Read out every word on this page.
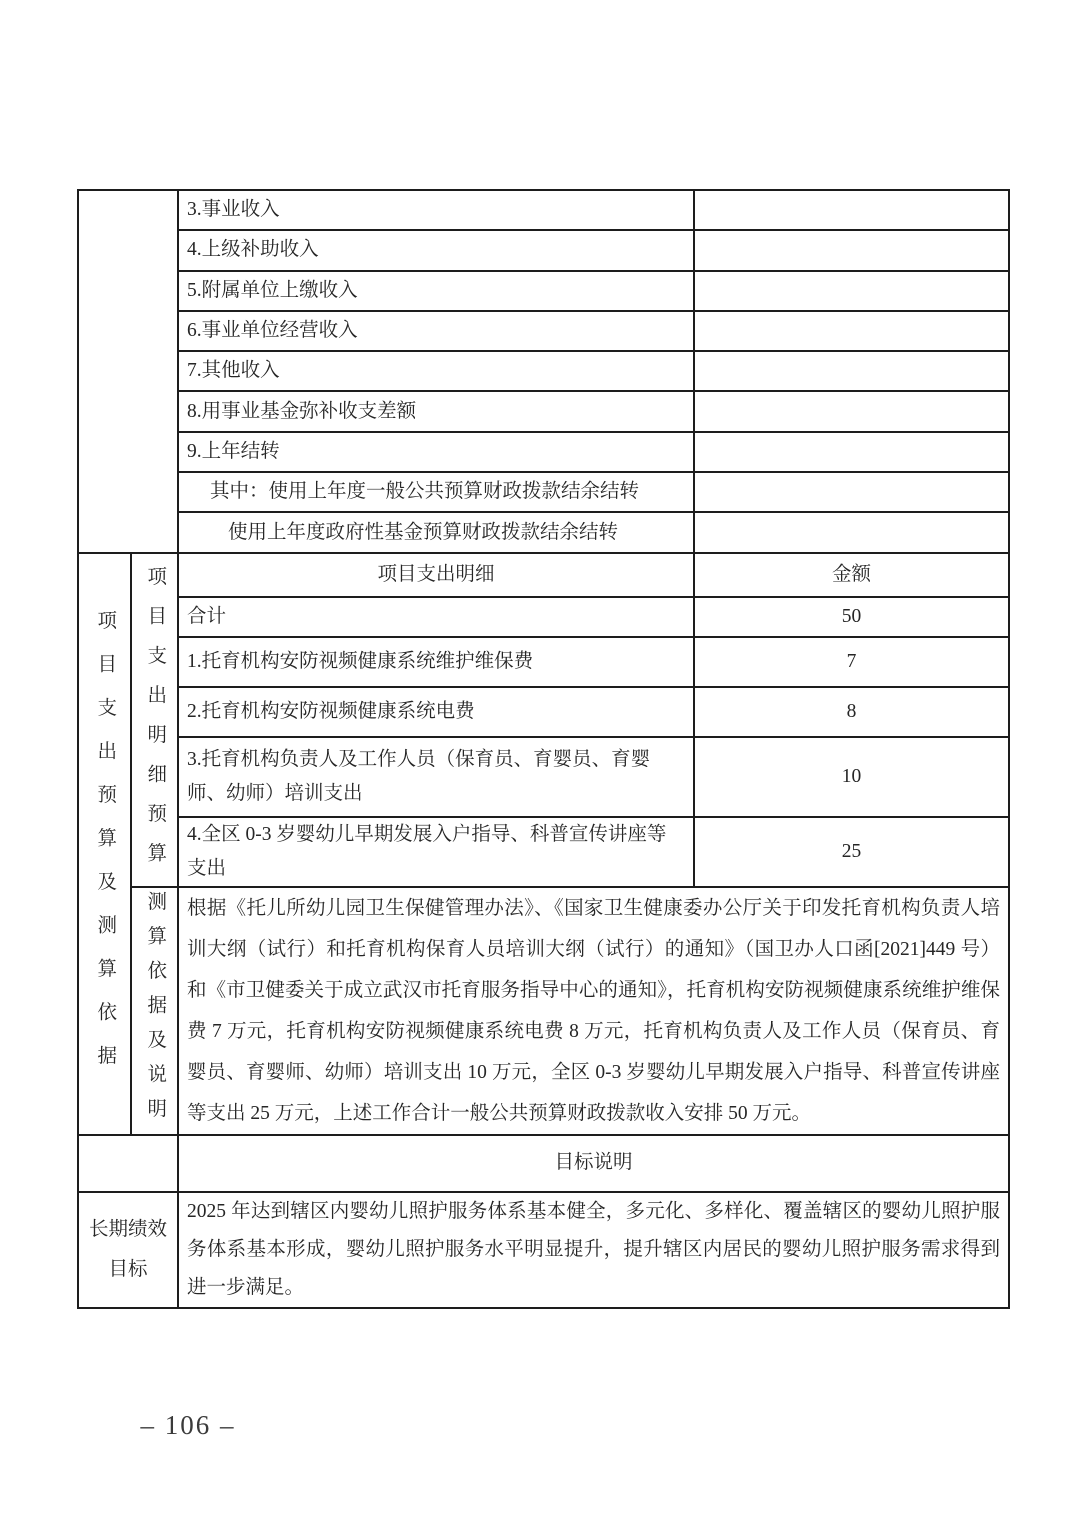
		3.事业收入	
		4.上级补助收入	
		5.附属单位上缴收入	
		6.事业单位经营收入	
		7.其他收入	
		8.用事业基金弥补收支差额	
		9.上年结转	
		其中：使用上年度一般公共预算财政拨款结余结转	
		使用上年度政府性基金预算财政拨款结余结转	
项目支出预算及测算依据	项目支出明细预算	项目支出明细	金额
		合计	50
		1.托育机构安防视频健康系统维护维保费	7
		2.托育机构安防视频健康系统电费	8
		3.托育机构负责人及工作人员（保育员、育婴员、育婴师、幼师）培训支出	10
		4.全区 0-3 岁婴幼儿早期发展入户指导、科普宣传讲座等支出	25
	测算依据及说明	根据《托儿所幼儿园卫生保健管理办法》、《国家卫生健康委办公厅关于印发托育机构负责人培训大纲（试行）和托育机构保育人员培训大纲（试行）的通知》（国卫办人口函[2021]449 号）和《市卫健委关于成立武汉市托育服务指导中心的通知》，托育机构安防视频健康系统维护维保费 7 万元，托育机构安防视频健康系统电费 8 万元，托育机构负责人及工作人员（保育员、育婴员、育婴师、幼师）培训支出 10 万元，全区 0-3 岁婴幼儿早期发展入户指导、科普宣传讲座等支出 25 万元，上述工作合计一般公共预算财政拨款收入安排 50 万元。	
		目标说明	
长期绩效目标		2025 年达到辖区内婴幼儿照护服务体系基本健全，多元化、多样化、覆盖辖区的婴幼儿照护服务体系基本形成，婴幼儿照护服务水平明显提升，提升辖区内居民的婴幼儿照护服务需求得到进一步满足。	
– 106 –
